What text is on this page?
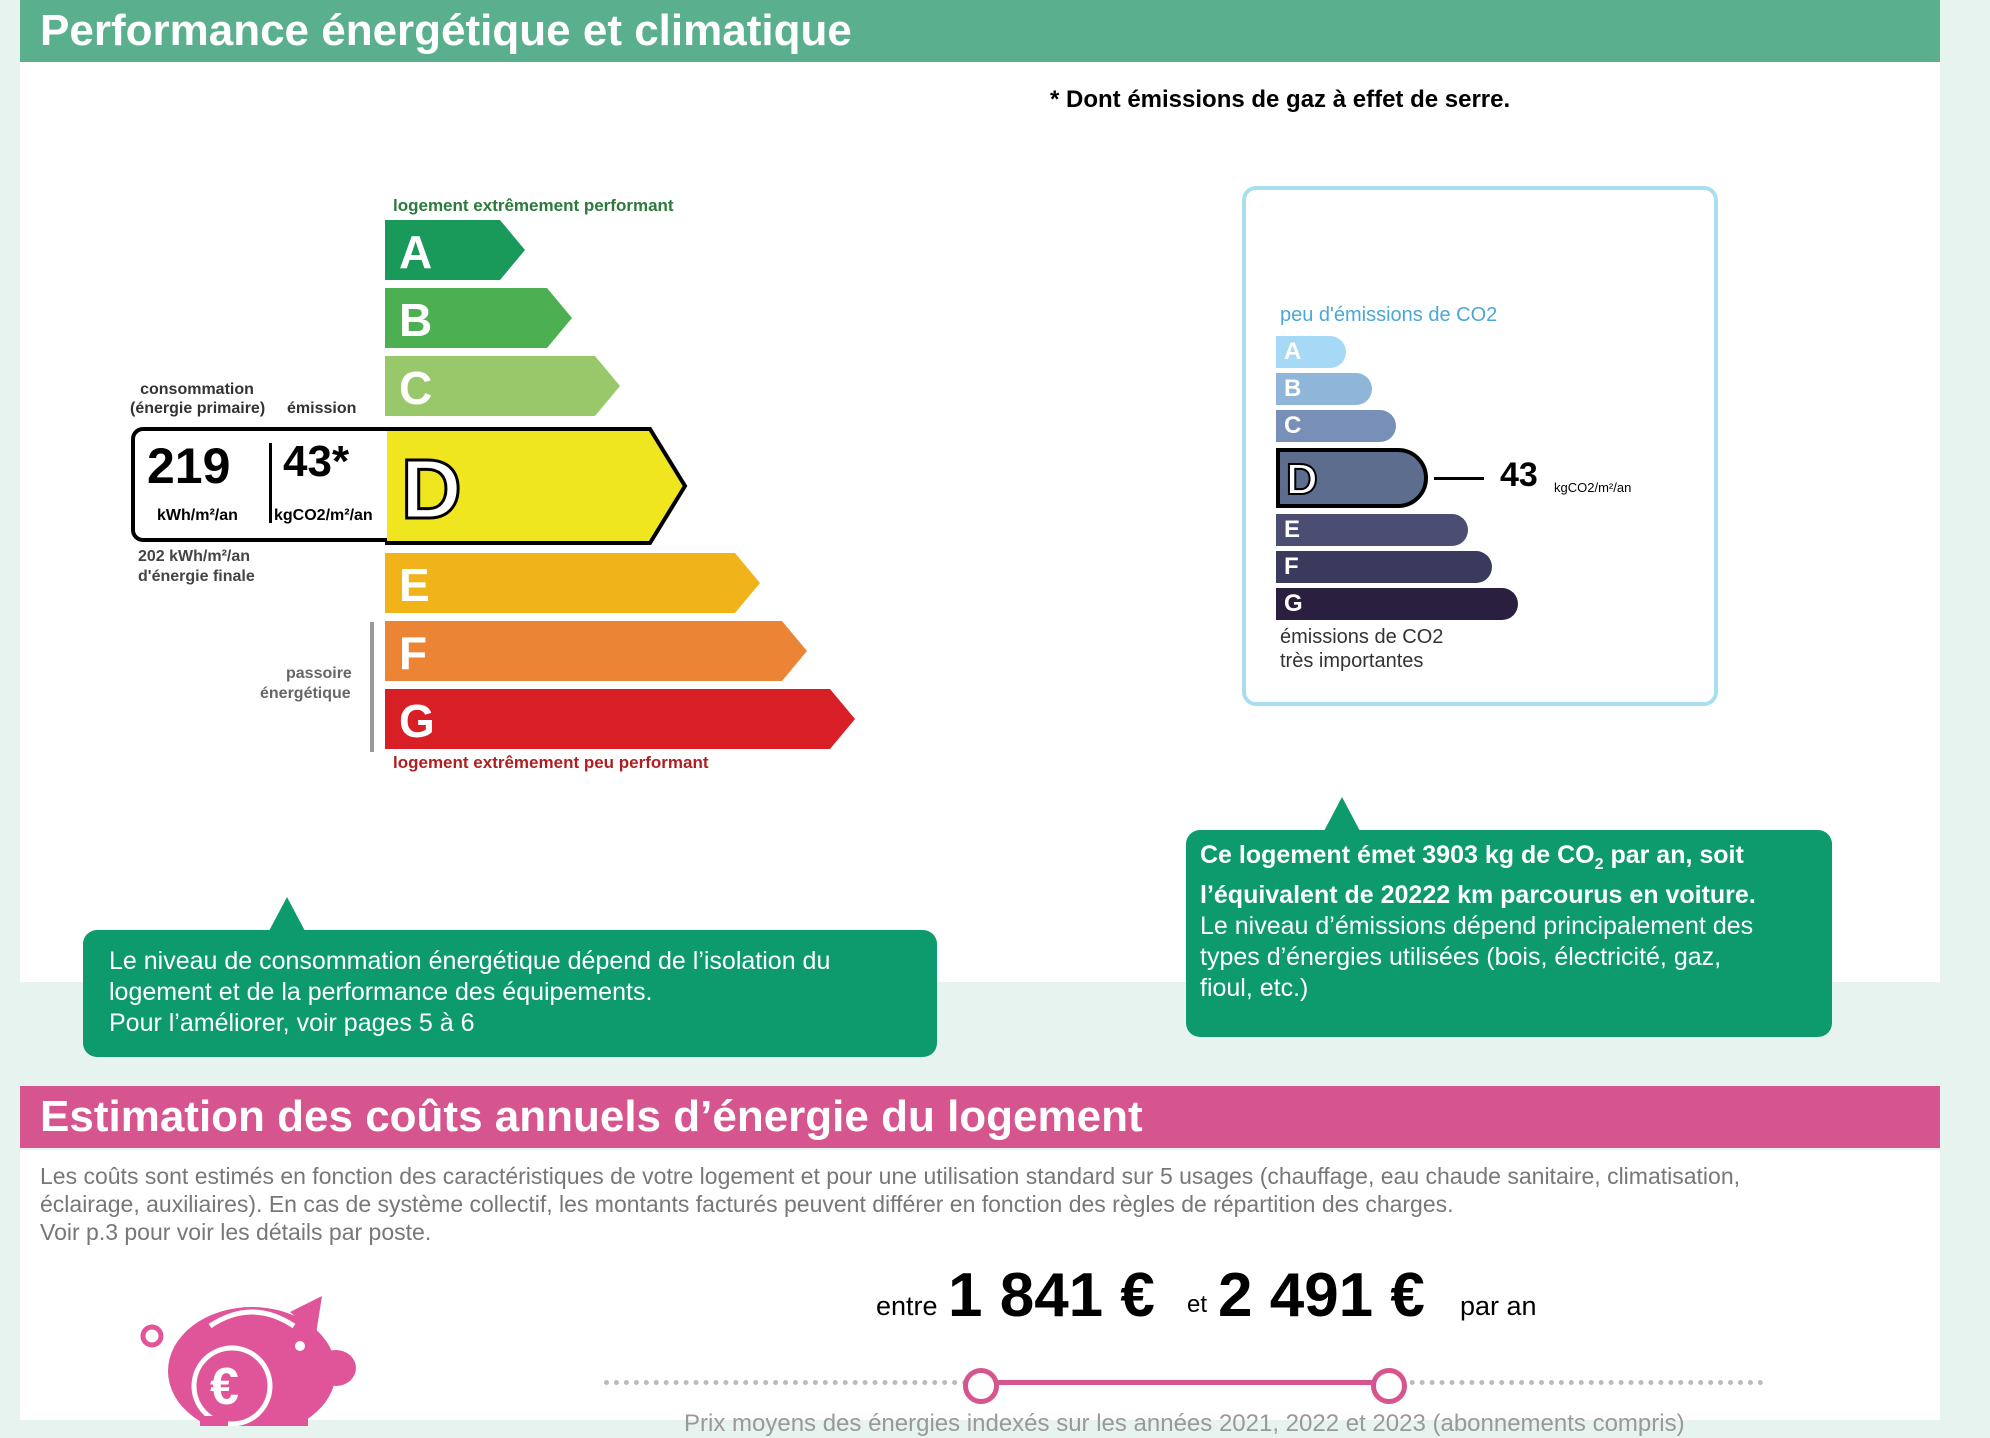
Performance énergétique et climatique
* Dont émissions de gaz à effet de serre.
logement extrêmement performant
A
B
C
D
E
F
G
logement extrêmement peu performant
consommation
(énergie primaire) émission
219 43*
kWh/m²/an kgCO2/m²/an
202 kWh/m²/an
d'énergie finale
passoire
énergétique
peu d'émissions de CO2
A
B
C
D	43 kgCO2/m²/an
E
F
G
émissions de CO2
très importantes
Le niveau de consommation énergétique dépend de l’isolation du
logement et de la performance des équipements.
Pour l’améliorer, voir pages 5 à 6
Ce logement émet 3903 kg de $CO_2$ par an, soit
l’équivalent de 20222 km parcourus en voiture.
Le niveau d’émissions dépend principalement des
types d’énergies utilisées (bois, électricité, gaz,
fioul, etc.)
Estimation des coûts annuels d’énergie du logement
Les coûts sont estimés en fonction des caractéristiques de votre logement et pour une utilisation standard sur 5 usages (chauffage, eau chaude sanitaire, climatisation,
éclairage, auxiliaires). En cas de système collectif, les montants facturés peuvent différer en fonction des règles de répartition des charges.
Voir p.3 pour voir les détails par poste.
€
entre 1 841 € et 2 491 € par an
Prix moyens des énergies indexés sur les années 2021, 2022 et 2023 (abonnements compris)
